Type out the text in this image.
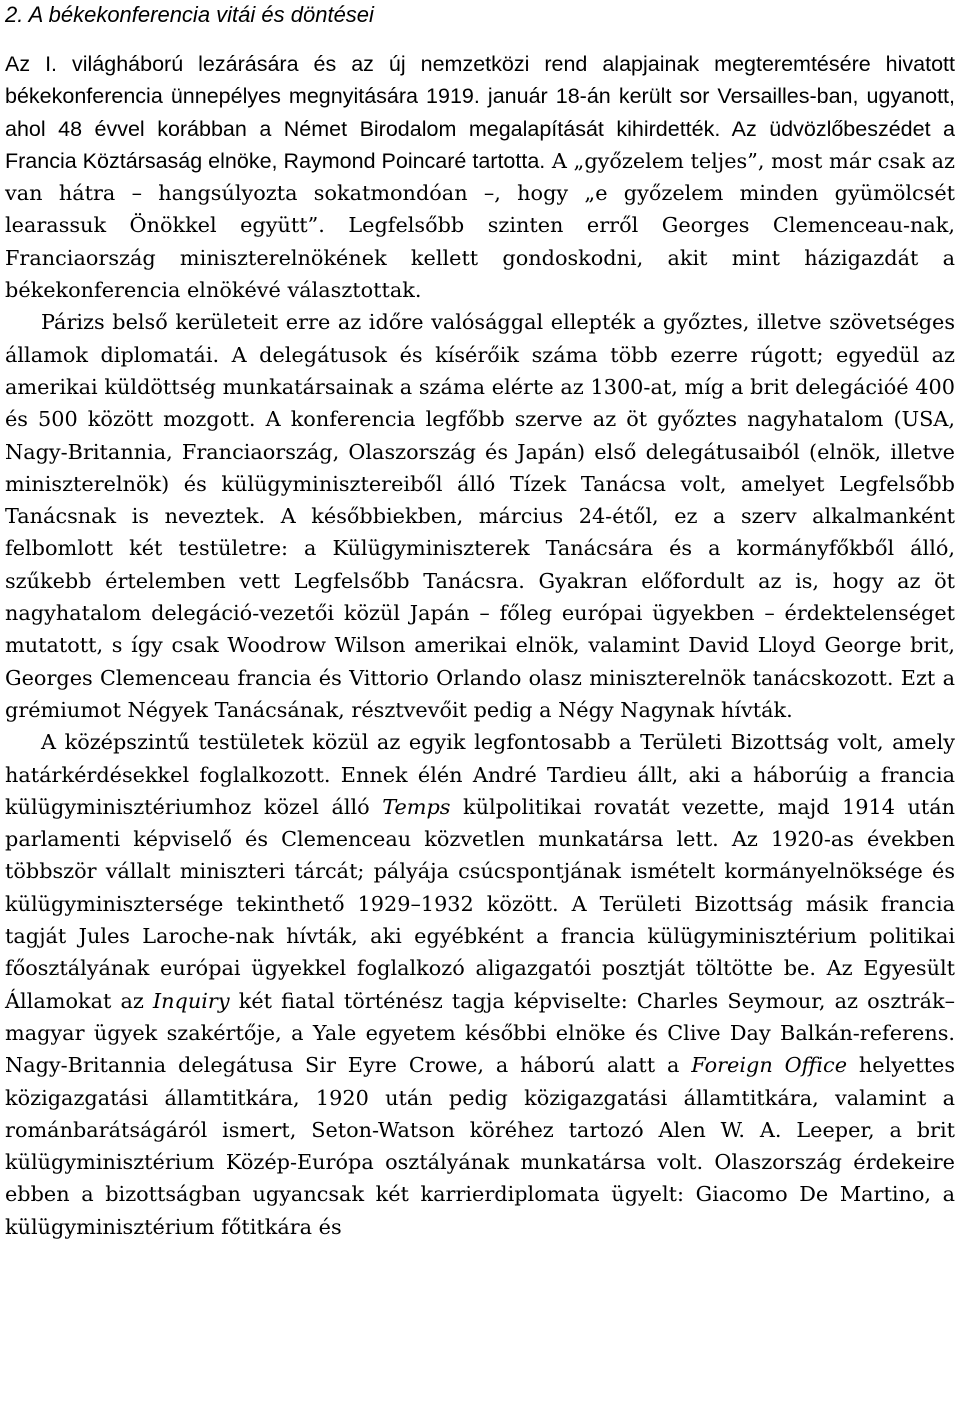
2. A békekonferencia vitái és döntései

Az I. világháború lezárására és az új nemzetközi rend alapjainak megteremtésére hivatott békekonferencia ünnepélyes megnyitására 1919. január 18-án került sor Versailles-ban, ugyanott, ahol 48 évvel korábban a Német Birodalom megalapítását kihirdették. Az üdvözlőbeszédet a Francia Köztársaság elnöke, Raymond Poincaré tartotta. A „győzelem teljes”, most már csak az van hátra – hangsúlyozta sokatmondóan –, hogy „e győzelem minden gyümölcsét learassuk Önökkel együtt”. Legfelsőbb szinten erről Georges Clemenceau-nak, Franciaország miniszterelnökének kellett gondoskodni, akit mint házigazdát a békekonferencia elnökévé választottak.

Párizs belső kerületeit erre az időre valósággal ellepték a győztes, illetve szövetséges államok diplomatái. A delegátusok és kísérőik száma több ezerre rúgott; egyedül az amerikai küldöttség munkatársainak a száma elérte az 1300-at, míg a brit delegációé 400 és 500 között mozgott. A konferencia legfőbb szerve az öt győztes nagyhatalom (USA, Nagy-Britannia, Franciaország, Olaszország és Japán) első delegátusaiból (elnök, illetve miniszterelnök) és külügyminisztereiből álló Tízek Tanácsa volt, amelyet Legfelsőbb Tanácsnak is neveztek. A későbbiekben, március 24-étől, ez a szerv alkalmanként felbomlott két testületre: a Külügyminiszterek Tanácsára és a kormányfőkből álló, szűkebb értelemben vett Legfelsőbb Tanácsra. Gyakran előfordult az is, hogy az öt nagyhatalom delegáció-vezetői közül Japán – főleg európai ügyekben – érdektelenséget mutatott, s így csak Woodrow Wilson amerikai elnök, valamint David Lloyd George brit, Georges Clemenceau francia és Vittorio Orlando olasz miniszterelnök tanácskozott. Ezt a grémiumot Négyek Tanácsának, résztvevőit pedig a Négy Nagynak hívták.

A középszintű testületek közül az egyik legfontosabb a Területi Bizottság volt, amely határkérdésekkel foglalkozott. Ennek élén André Tardieu állt, aki a háborúig a francia külügyminisztériumhoz közel álló Temps külpolitikai rovatát vezette, majd 1914 után parlamenti képviselő és Clemenceau közvetlen munkatársa lett. Az 1920-as években többször vállalt miniszteri tárcát; pályája csúcspontjának ismételt kormányelnöksége és külügyminisztersége tekinthető 1929–1932 között. A Területi Bizottság másik francia tagját Jules Laroche-nak hívták, aki egyébként a francia külügyminisztérium politikai főosztályának európai ügyekkel foglalkozó aligazgatói posztját töltötte be. Az Egyesült Államokat az Inquiry két fiatal történész tagja képviselte: Charles Seymour, az osztrák–magyar ügyek szakértője, a Yale egyetem későbbi elnöke és Clive Day Balkán-referens. Nagy-Britannia delegátusa Sir Eyre Crowe, a háború alatt a Foreign Office helyettes közigazgatási államtitkára, 1920 után pedig közigazgatási államtitkára, valamint a románbarátságáról ismert, Seton-Watson köréhez tartozó Alen W. A. Leeper, a brit külügyminisztérium Közép-Európa osztályának munkatársa volt. Olaszország érdekeire ebben a bizottságban ugyancsak két karrierdiplomata ügyelt: Giacomo De Martino, a külügyminisztérium főtitkára és
